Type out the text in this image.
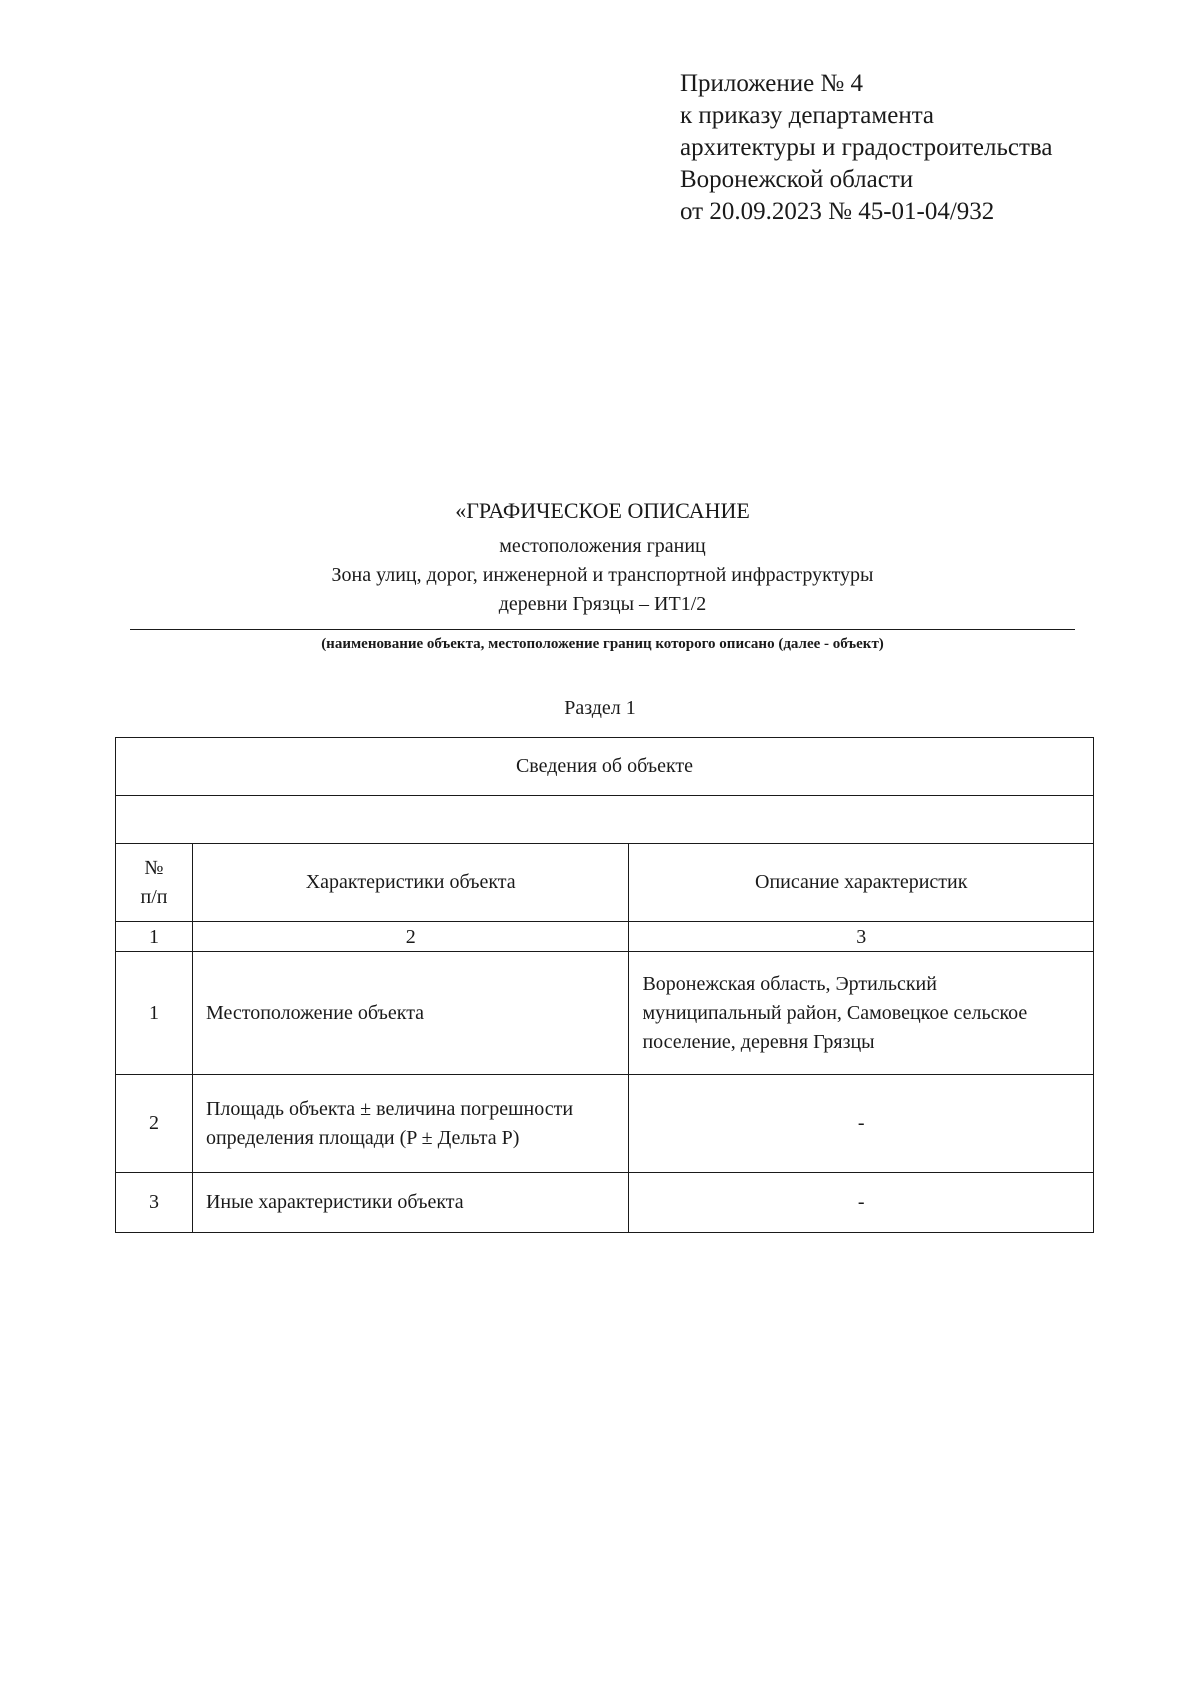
Приложение № 4
к приказу департамента
архитектуры и градостроительства
Воронежской области
от 20.09.2023 № 45-01-04/932
«ГРАФИЧЕСКОЕ ОПИСАНИЕ
местоположения границ
Зона улиц, дорог, инженерной и транспортной инфраструктуры
деревни Грязцы – ИТ1/2
(наименование объекта, местоположение границ которого описано (далее - объект)
Раздел 1
Сведения об объекте		

№ п/п	Характеристики объекта	Описание характеристик
1	2	3
1	Местоположение объекта	Воронежская область, Эртильский муниципальный район, Самовецкое сельское поселение, деревня Грязцы
2	Площадь объекта ± величина погрешности определения площади (P ± Дельта P)	-
3	Иные характеристики объекта	-
